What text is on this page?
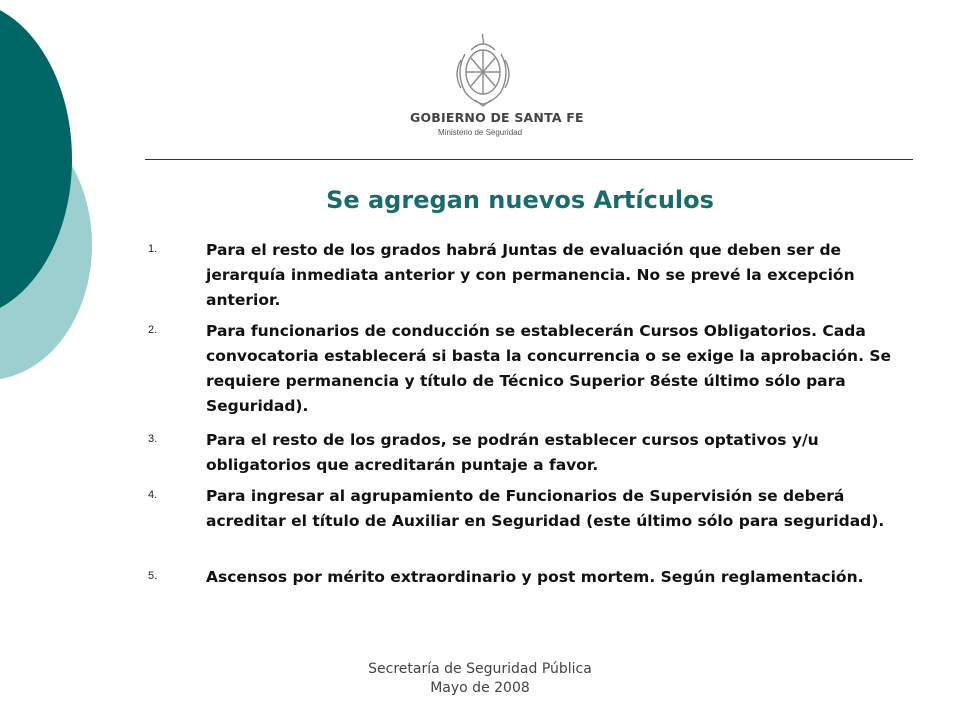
GOBIERNO DE SANTA FE
Ministerio de Seguridad
Se agregan nuevos Artículos
1.	Para el resto de los grados habrá Juntas de evaluación que deben ser de jerarquía inmediata anterior y con permanencia. No se prevé la excepción anterior.
2.	Para funcionarios de conducción se establecerán Cursos Obligatorios. Cada convocatoria establecerá si basta la concurrencia o se exige la aprobación. Se requiere permanencia y título de Técnico Superior 8éste último sólo para Seguridad).
3.	Para el resto de los grados, se podrán establecer cursos optativos y/u obligatorios que acreditarán puntaje a favor.
4.	Para ingresar al agrupamiento de Funcionarios de Supervisión se deberá acreditar el título de Auxiliar en Seguridad (este último sólo para seguridad).
5.	Ascensos por mérito extraordinario y post mortem. Según reglamentación.
Secretaría de Seguridad Pública
Mayo de 2008
